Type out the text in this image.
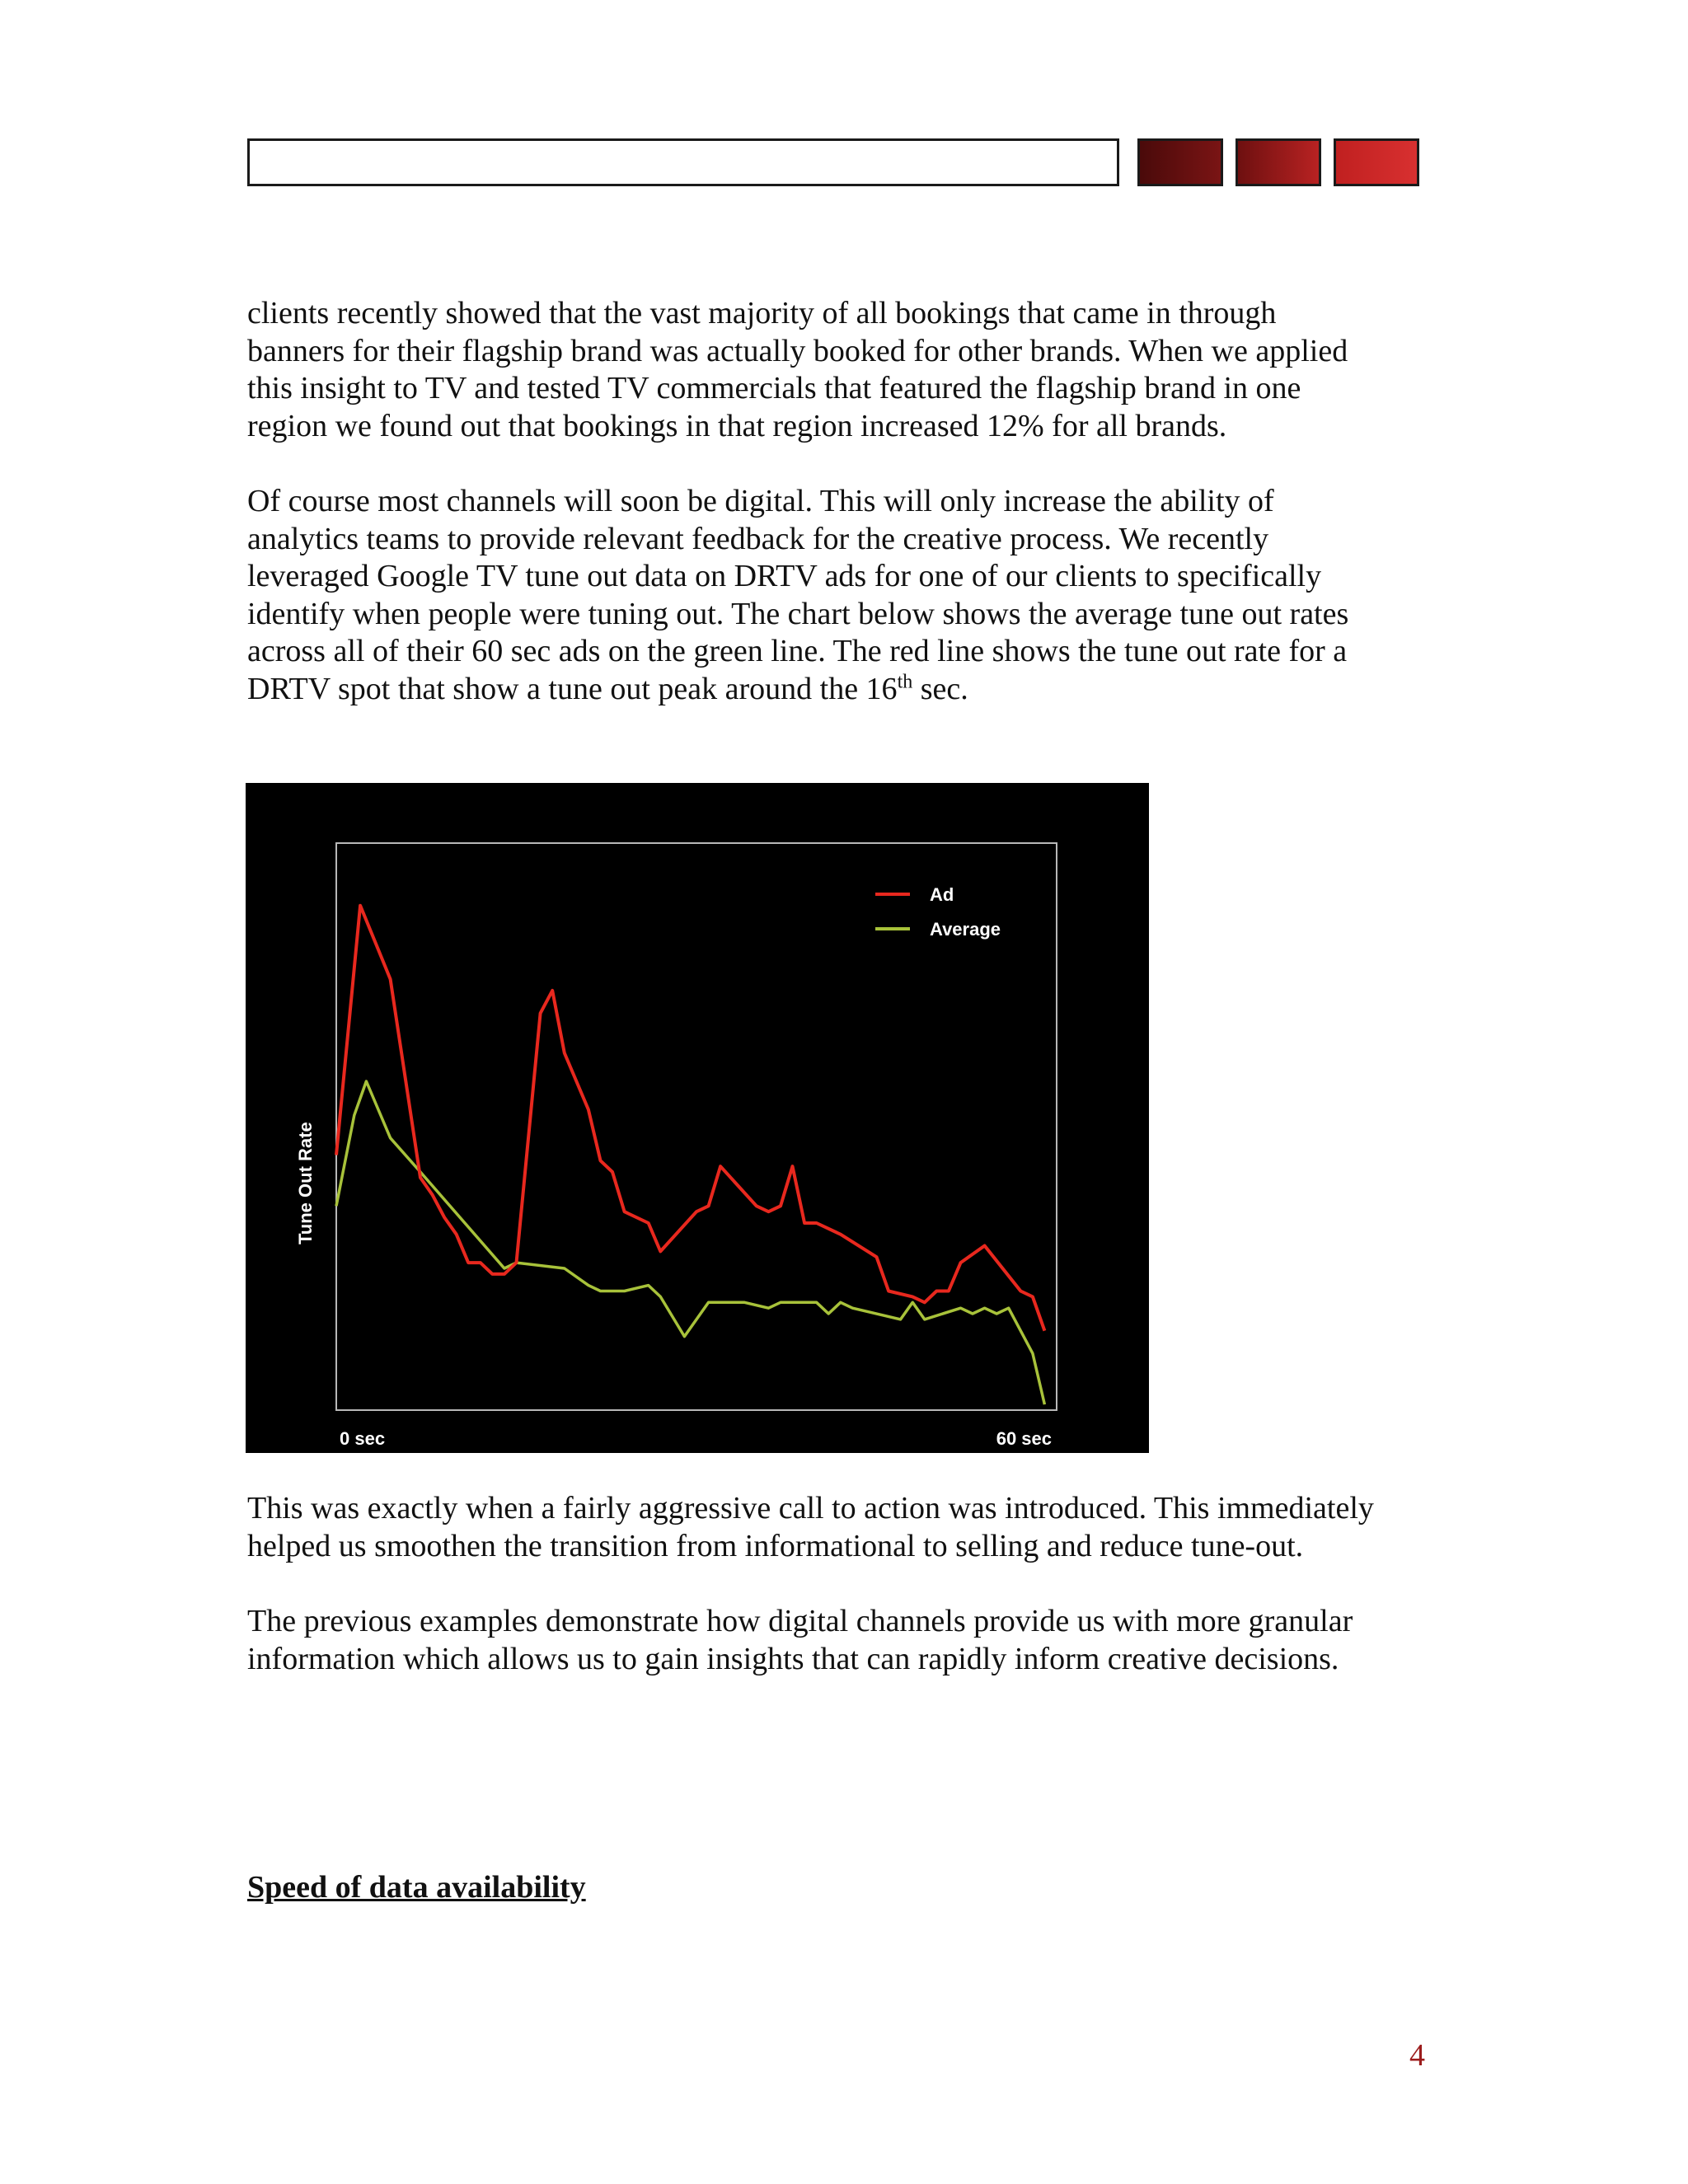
clients recently showed that the vast majority of all bookings that came in through
banners for their flagship brand was actually booked for other brands. When we applied
this insight to TV and tested TV commercials that featured the flagship brand in one
region we found out that bookings in that region increased 12% for all brands.

Of course most channels will soon be digital. This will only increase the ability of
analytics teams to provide relevant feedback for the creative process. We recently
leveraged Google TV tune out data on DRTV ads for one of our clients to specifically
identify when people were tuning out. The chart below shows the average tune out rates
across all of their 60 sec ads on the green line. The red line shows the tune out rate for a
DRTV spot that show a tune out peak around the 16th sec.

Tune Out Rate
0 sec	60 sec
Ad
Average

This was exactly when a fairly aggressive call to action was introduced. This immediately
helped us smoothen the transition from informational to selling and reduce tune-out.

The previous examples demonstrate how digital channels provide us with more granular
information which allows us to gain insights that can rapidly inform creative decisions.

Speed of data availability
4
